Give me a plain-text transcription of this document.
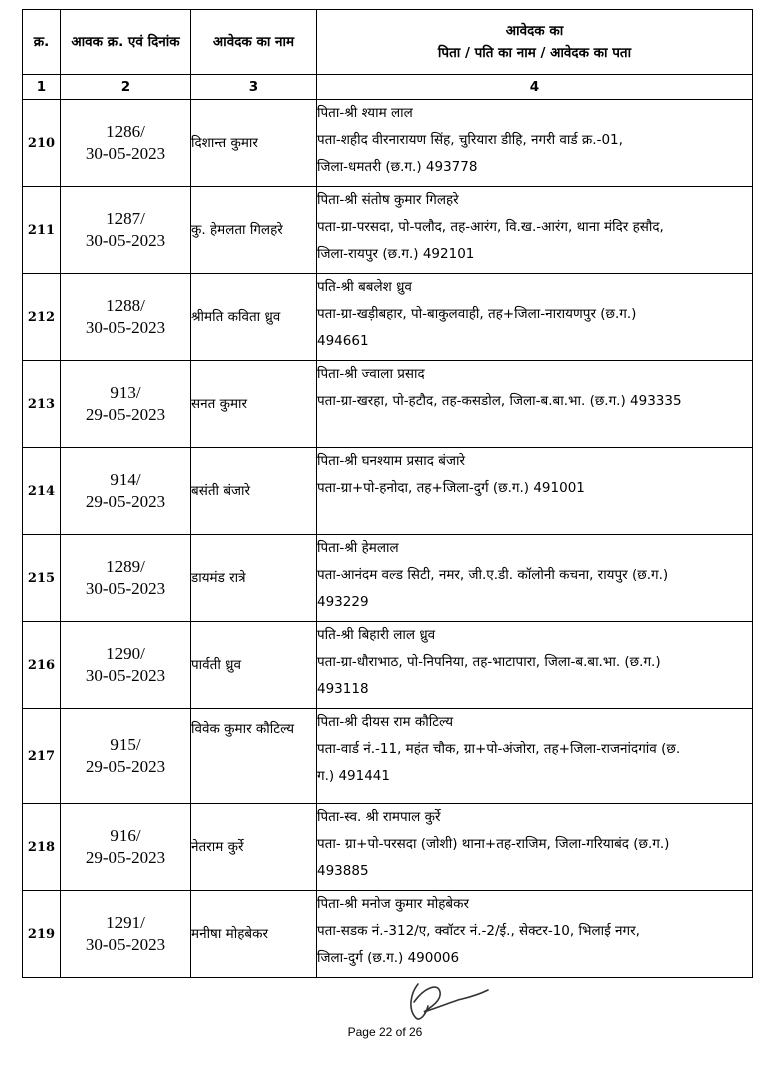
क्र.	आवक क्र. एवं दिनांक	आवेदक का नाम	आवेदक का
पिता / पति का नाम / आवेदक का पता

1	2	3	4
210	1286/
30-05-2023	दिशान्त कुमार	पिता-श्री श्याम लाल
पता-शहीद वीरनारायण सिंह, चुरियारा डीहि, नगरी वार्ड क्र.-01,
जिला-धमतरी (छ.ग.) 493778

211	1287/
30-05-2023	कु. हेमलता गिलहरे	पिता-श्री संतोष कुमार गिलहरे
पता-ग्रा-परसदा, पो-पलौद, तह-आरंग, वि.ख.-आरंग, थाना मंदिर हसौद,
जिला-रायपुर (छ.ग.) 492101

212	1288/
30-05-2023	श्रीमति कविता ध्रुव	पति-श्री बबलेश ध्रुव
पता-ग्रा-खड़ीबहार, पो-बाकुलवाही, तह+जिला-नारायणपुर (छ.ग.)
494661

213	913/
29-05-2023	सनत कुमार	पिता-श्री ज्वाला प्रसाद
पता-ग्रा-खरहा, पो-हटौद, तह-कसडोल, जिला-ब.बा.भा. (छ.ग.) 493335

214	914/
29-05-2023	बसंती बंजारे	पिता-श्री घनश्याम प्रसाद बंजारे
पता-ग्रा+पो-हनोदा, तह+जिला-दुर्ग (छ.ग.) 491001

215	1289/
30-05-2023	डायमंड रात्रे	पिता-श्री हेमलाल
पता-आनंदम वल्ड सिटी, नमर, जी.ए.डी. कॉलोनी कचना, रायपुर (छ.ग.)
493229

216	1290/
30-05-2023	पार्वती ध्रुव	पति-श्री बिहारी लाल ध्रुव
पता-ग्रा-धौराभाठ, पो-निपनिया, तह-भाटापारा, जिला-ब.बा.भा. (छ.ग.)
493118

217	915/
29-05-2023	विवेक कुमार कौटिल्य	पिता-श्री दीयस राम कौटिल्य
पता-वार्ड नं.-11, महंत चौक, ग्रा+पो-अंजोरा, तह+जिला-राजनांदगांव (छ.
ग.) 491441

218	916/
29-05-2023	नेतराम कुर्रे	पिता-स्व. श्री रामपाल कुर्रे
पता- ग्रा+पो-परसदा (जोशी) थाना+तह-राजिम, जिला-गरियाबंद (छ.ग.)
493885

219	1291/
30-05-2023	मनीषा मोहबेकर	पिता-श्री मनोज कुमार मोहबेकर
पता-सडक नं.-312/ए, क्वॉटर नं.-2/ई., सेक्टर-10, भिलाई नगर,
जिला-दुर्ग (छ.ग.) 490006
Page 22 of 26
